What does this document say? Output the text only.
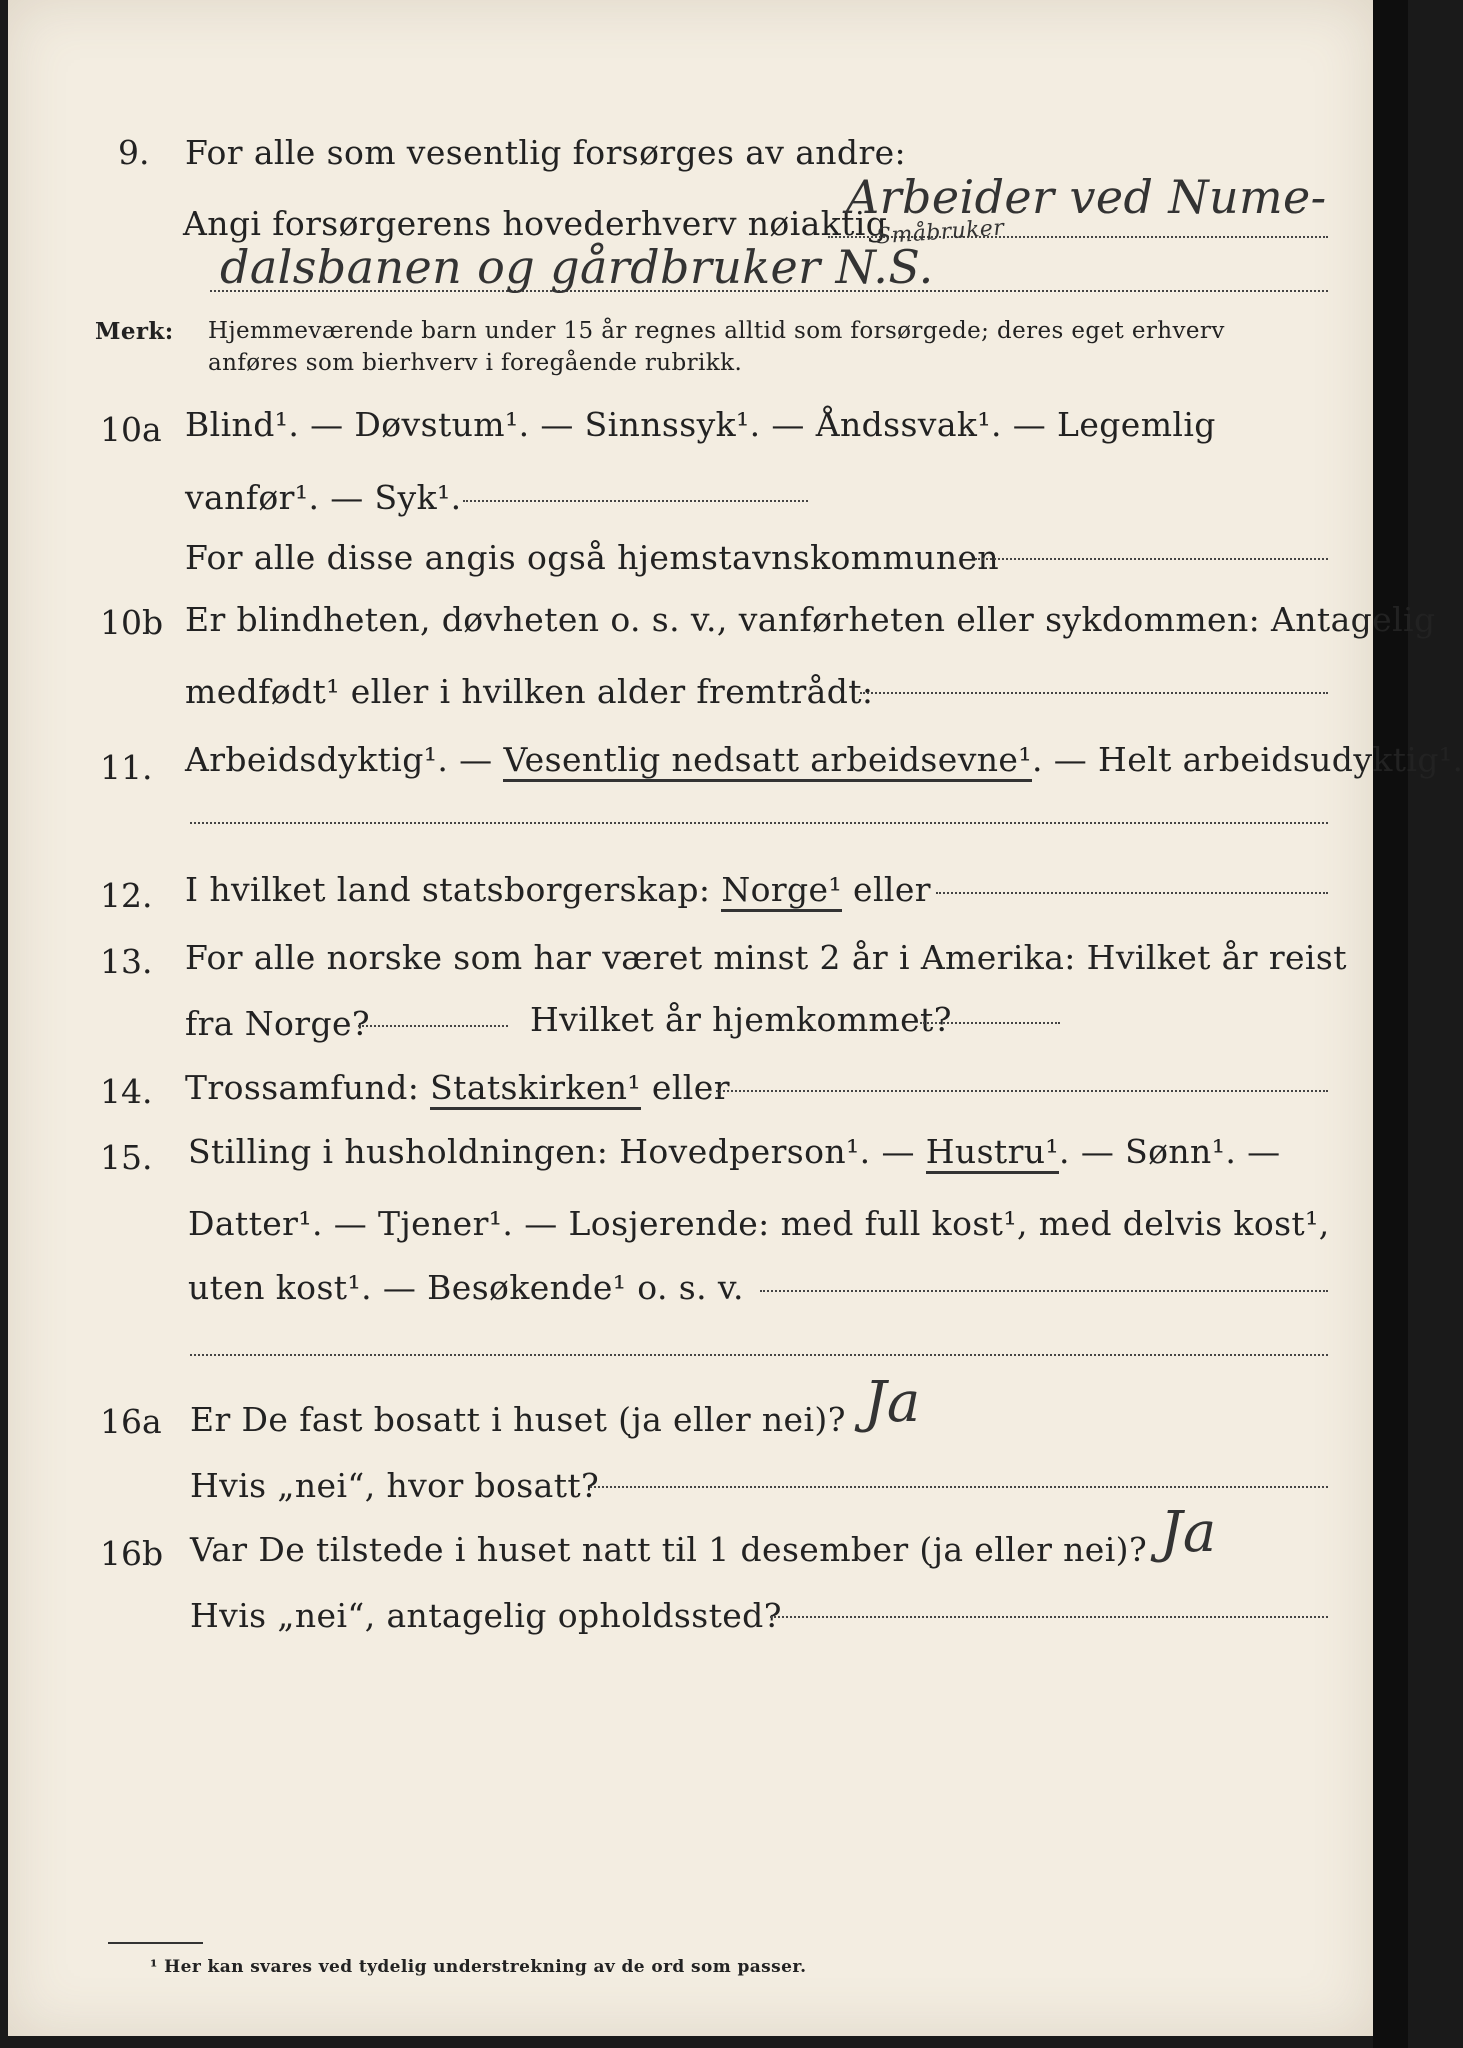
9. For alle som vesentlig forsørges av andre:
Angi forsørgerens hovederhverv nøiaktig
Arbeider ved Nume-
Småbruker
dalsbanen og gårdbruker N.S.
Merk: Hjemmeværende barn under 15 år regnes alltid som forsørgede; deres eget erhverv
anføres som bierhverv i foregående rubrikk.
10a Blind¹. — Døvstum¹. — Sinnssyk¹. — Åndssvak¹. — Legemlig
vanfør¹. — Syk¹.
For alle disse angis også hjemstavnskommunen
10b Er blindheten, døvheten o. s. v., vanførheten eller sykdommen: Antagelig
medfødt¹ eller i hvilken alder fremtrådt:
11. Arbeidsdyktig¹. — Vesentlig nedsatt arbeidsevne¹. — Helt arbeidsudyktig¹.
12. I hvilket land statsborgerskap: Norge¹ eller
13. For alle norske som har været minst 2 år i Amerika: Hvilket år reist
fra Norge?	Hvilket år hjemkommet?
14. Trossamfund: Statskirken¹ eller
15. Stilling i husholdningen: Hovedperson¹. — Hustru¹. — Sønn¹. —
Datter¹. — Tjener¹. — Losjerende: med full kost¹, med delvis kost¹,
uten kost¹. — Besøkende¹ o. s. v.
16a Er De fast bosatt i huset (ja eller nei)? Ja
Hvis „nei“, hvor bosatt?
16b Var De tilstede i huset natt til 1 desember (ja eller nei)? Ja
Hvis „nei“, antagelig opholdssted?
¹ Her kan svares ved tydelig understrekning av de ord som passer.
